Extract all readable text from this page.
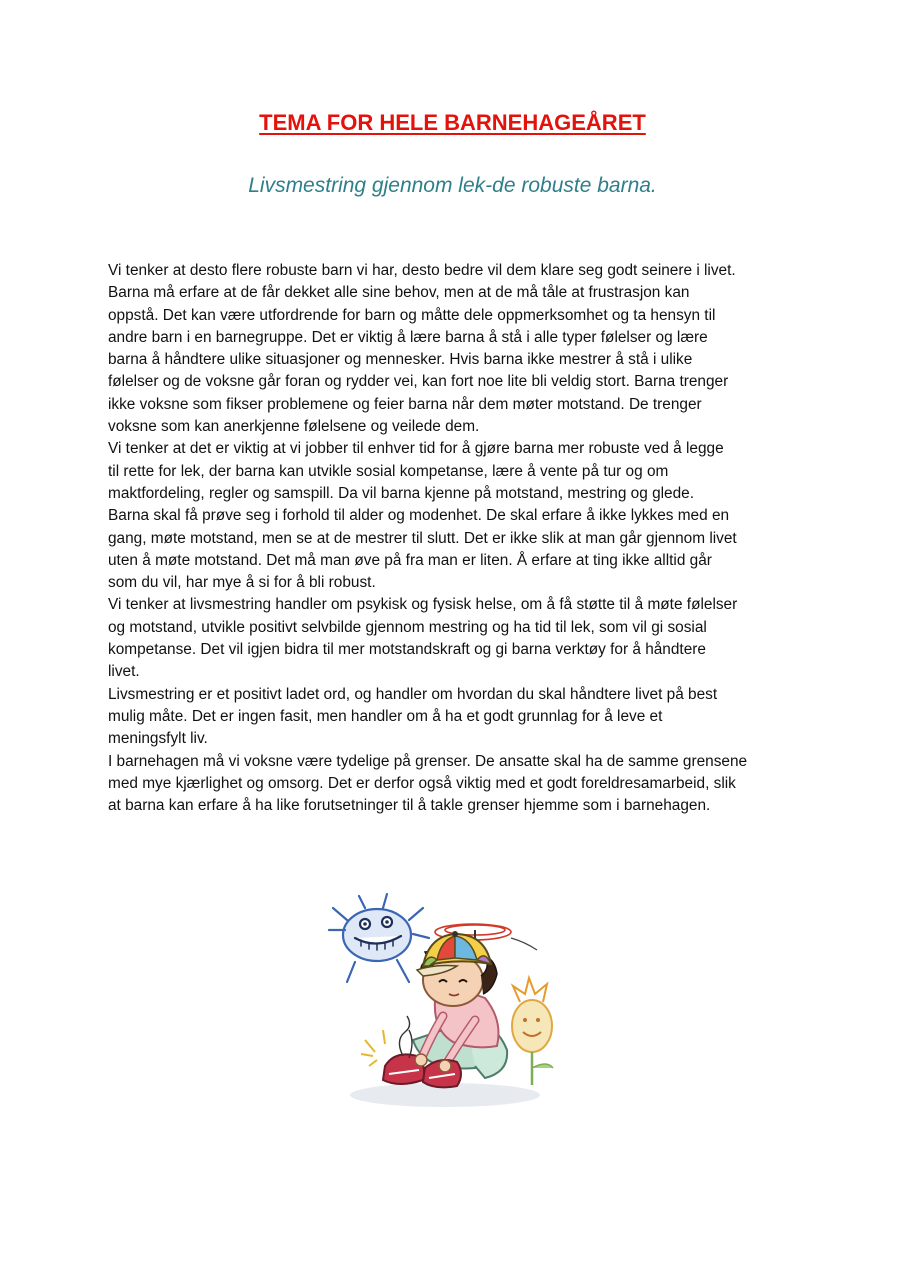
TEMA FOR HELE BARNEHAGEÅRET

Livsmestring gjennom lek-de robuste barna.

Vi tenker at desto flere robuste barn vi har, desto bedre vil dem klare seg godt seinere i livet.
Barna må erfare at de får dekket alle sine behov, men at de må tåle at frustrasjon kan
oppstå. Det kan være utfordrende for barn og måtte dele oppmerksomhet og ta hensyn til
andre barn i en barnegruppe. Det er viktig å lære barna å stå i alle typer følelser og lære
barna å håndtere ulike situasjoner og mennesker. Hvis barna ikke mestrer å stå i ulike
følelser og de voksne går foran og rydder vei, kan fort noe lite bli veldig stort. Barna trenger
ikke voksne som fikser problemene og feier barna når dem møter motstand. De trenger
voksne som kan anerkjenne følelsene og veilede dem.
Vi tenker at det er viktig at vi jobber til enhver tid for å gjøre barna mer robuste ved å legge
til rette for lek, der barna kan utvikle sosial kompetanse, lære å vente på tur og om
maktfordeling, regler og samspill. Da vil barna kjenne på motstand, mestring og glede.
Barna skal få prøve seg i forhold til alder og modenhet. De skal erfare å ikke lykkes med en
gang, møte motstand, men se at de mestrer til slutt. Det er ikke slik at man går gjennom livet
uten å møte motstand. Det må man øve på fra man er liten. Å erfare at ting ikke alltid går
som du vil, har mye å si for å bli robust.
Vi tenker at livsmestring handler om psykisk og fysisk helse, om å få støtte til å møte følelser
og motstand, utvikle positivt selvbilde gjennom mestring og ha tid til lek, som vil gi sosial
kompetanse. Det vil igjen bidra til mer motstandskraft og gi barna verktøy for å håndtere
livet.
Livsmestring er et positivt ladet ord, og handler om hvordan du skal håndtere livet på best
mulig måte. Det er ingen fasit, men handler om å ha et godt grunnlag for å leve et
meningsfylt liv.
I barnehagen må vi voksne være tydelige på grenser. De ansatte skal ha de samme grensene
med mye kjærlighet og omsorg. Det er derfor også viktig med et godt foreldresamarbeid, slik
at barna kan erfare å ha like forutsetninger til å takle grenser hjemme som i barnehagen.
